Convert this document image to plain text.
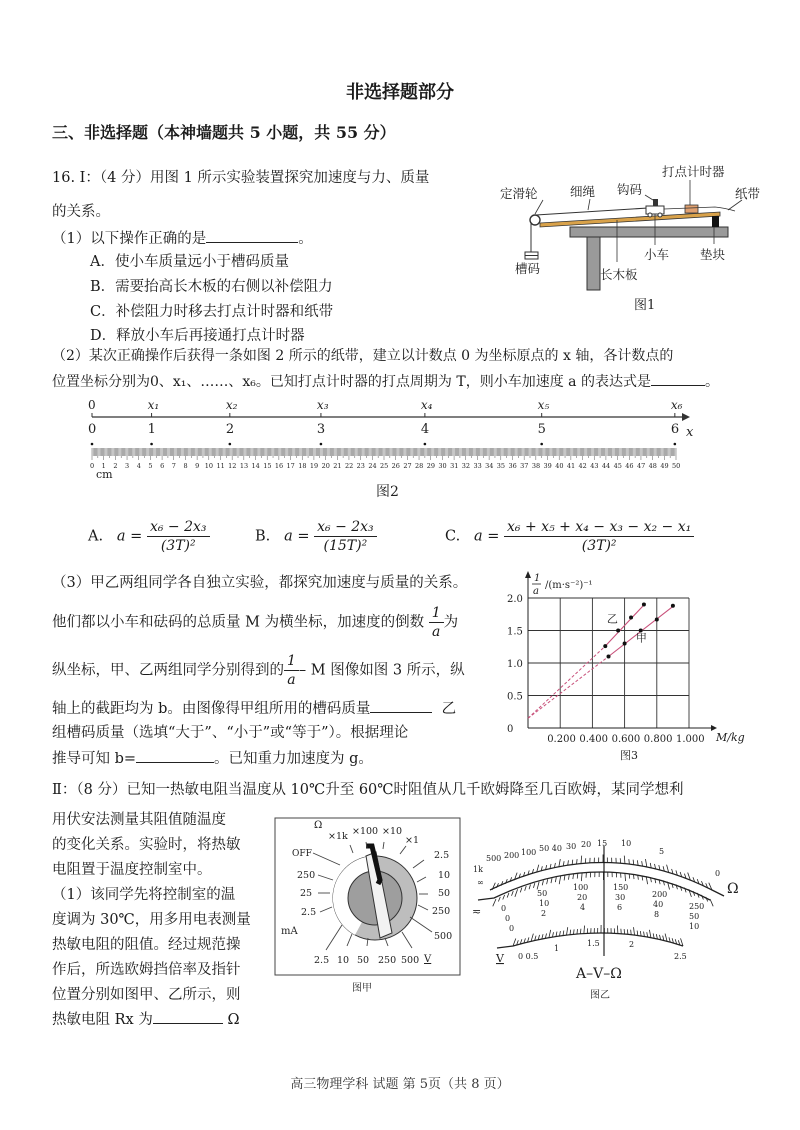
非选择题部分
三、非选择题（本神墙题共 5 小题，共 55 分）
16. Ⅰ：（4 分）用图 1 所示实验装置探究加速度与力、质量
的关系。
（1）以下操作正确的是	。
A．使小车质量远小于槽码质量
B．需要抬高长木板的右侧以补偿阻力
C．补偿阻力时移去打点计时器和纸带
D．释放小车后再接通打点计时器
（2）某次正确操作后获得一条如图 2 所示的纸带，建立以计数点 0 为坐标原点的 x 轴，各计数点的
位置坐标分别为0、x₁、……、x₆。已知打点计时器的打点周期为 T，则小车加速度 a 的表达式是	。
定滑轮	细绳 钩码
打点计时器
纸带
槽码	长木板
小车 垫块
图1
0
0
x₁
1
x₂
2
x₃
3
x₄
4
x₅
5
x₆
6 x
0 1 2 3 4 5 6 7 8 9 10 11 12 13 14 15 16 17 18 19 20 21 22 23 24 25 26 27 28 29 30 31 32 33 34 35 36 37 38 39 40 41 42 43 44 45 46 47 48 49 50
cm
图2
A. $a = \frac{\text{x₆ − 2x₃}}{\text{(3T)²}}$	B. $a = \frac{\text{x₆ − 2x₃}}{\text{(15T)²}}$	C. $a = \frac{\text{x₆ + x₅ + x₄ − x₃ − x₂ − x₁}}{\text{(3T)²}}$
（3）甲乙两组同学各自独立实验，都探究加速度与质量的关系。
他们都以小车和砝码的总质量 M 为横坐标，加速度的倒数 $\frac{1}{a}$ 为
纵坐标，甲、乙两组同学分别得到的 $\frac{1}{a}$ – M 图像如图 3 所示，纵
轴上的截距均为 b。由图像得甲组所用的槽码质量	乙
组槽码质量（选填“大于”、“小于”或“等于”）。根据理论
推导可知 b=	。已知重力加速度为 g。
0.200 0.400 0.600 0.800 1.000
0
0.5
1.0
1.5
2.0
乙
甲
1
a
/(m·s⁻²)⁻¹
M/kg
图3
Ⅱ：（8 分）已知一热敏电阻当温度从 10℃升至 60℃时阻值从几千欧姆降至几百欧姆，某同学想利
用伏安法测量其阻值随温度
的变化关系。实验时，将热敏
电阻置于温度控制室中。
（1）该同学先将控制室的温
度调为 30℃，用多用电表测量
热敏电阻的阻值。经过规范操
作后，所选欧姆挡倍率及指针
位置分别如图甲、乙所示，则
热敏电阻 Rx 为	Ω
Ω
×1k ×100 ×10
×1
OFF
250
25
2.5
mA
2.5
10
50
250
500
2.5 10 50 250 500 V
图甲
∞
1k
500 200 100 50 40 30 20 15 10
5
0
Ω
50
100	150
200
250
10
20	30
40
50
2
4	6
8
10
0
0
0
0 0.5
1
1.5	2
2.5
≂
V
A–V–Ω
图乙
高三物理学科 试题 第 5页（共 8 页）
